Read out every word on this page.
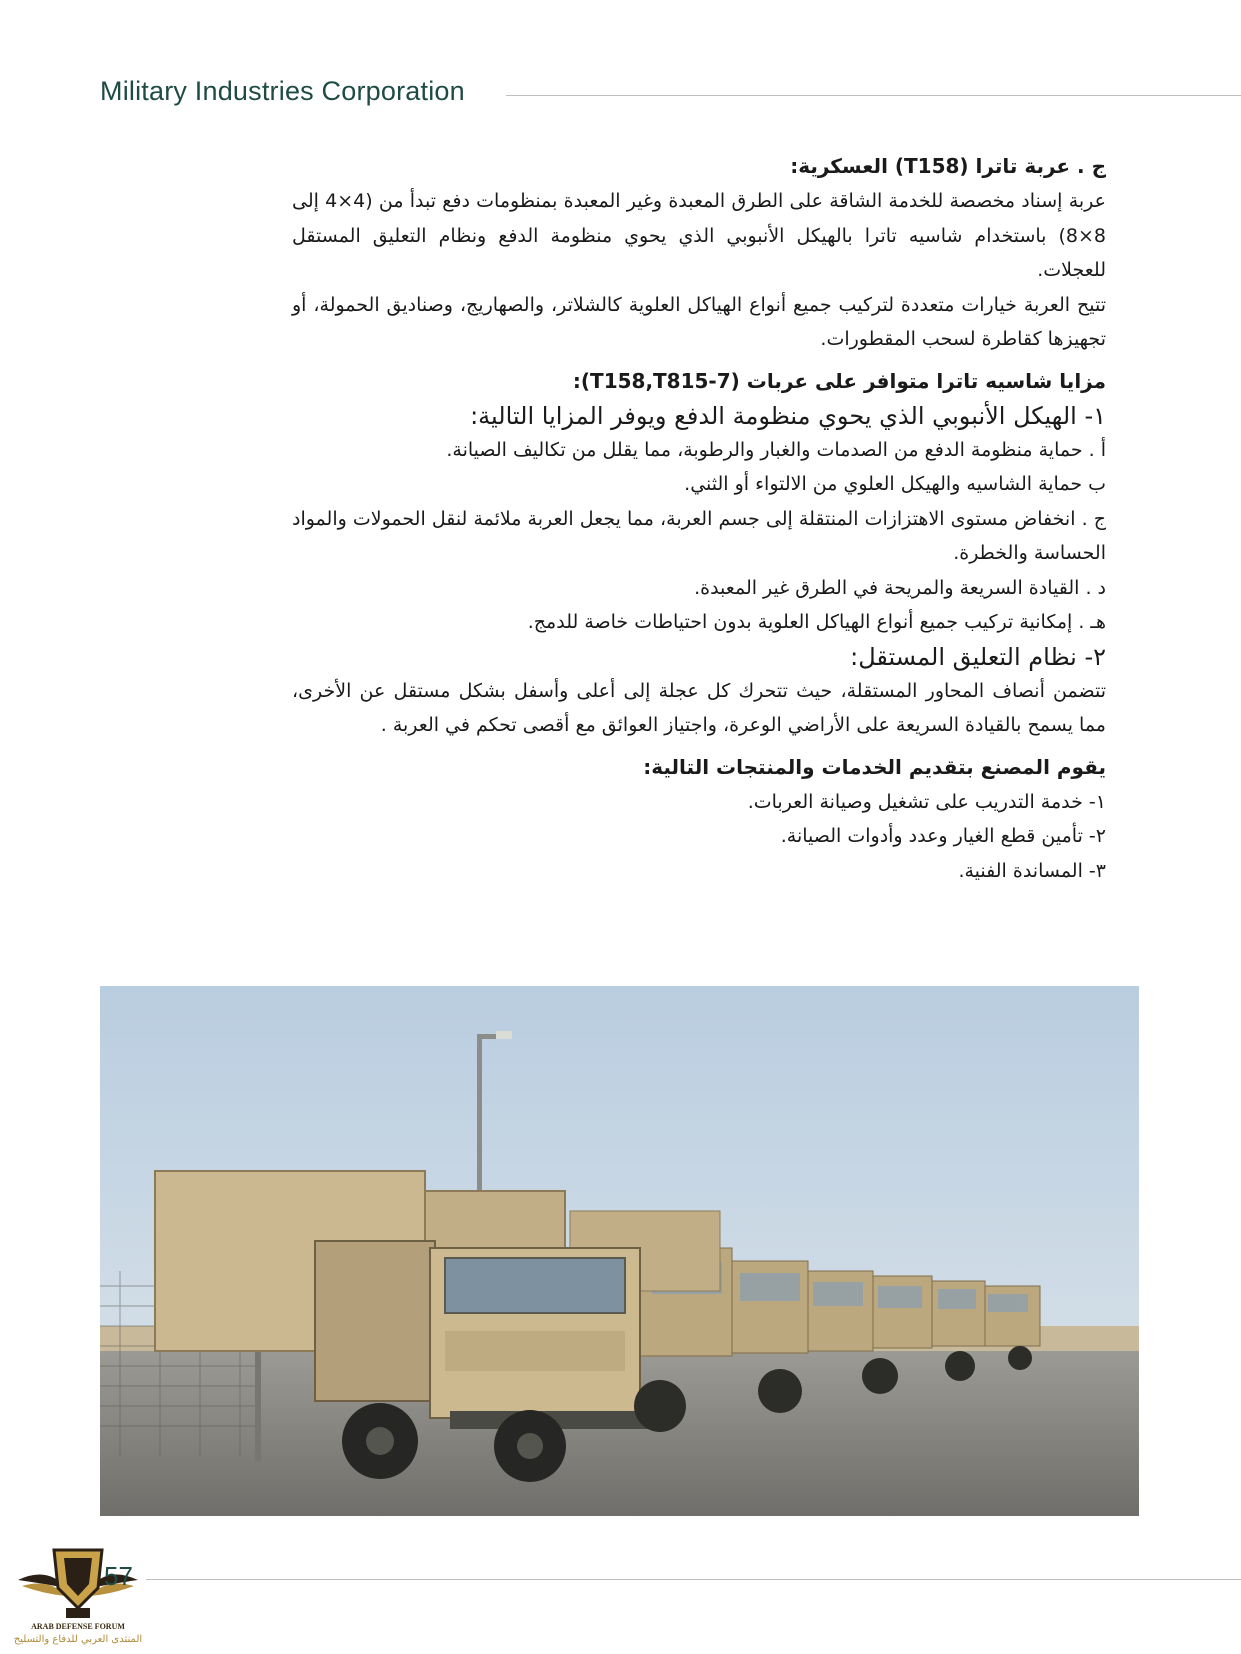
Military Industries Corporation

ج . عربة تاترا (T158) العسكرية:

عربة إسناد مخصصة للخدمة الشاقة على الطرق المعبدة وغير المعبدة بمنظومات دفع تبدأ من (4×4 إلى 8×8) باستخدام شاسيه تاترا بالهيكل الأنبوبي الذي يحوي منظومة الدفع ونظام التعليق المستقل للعجلات.

تتيح العربة خيارات متعددة لتركيب جميع أنواع الهياكل العلوية كالشلاتر، والصهاريج، وصناديق الحمولة، أو تجهيزها كقاطرة لسحب المقطورات.

مزايا شاسيه تاترا متوافر على عربات (T158,T815-7):

١- الهيكل الأنبوبي الذي يحوي منظومة الدفع ويوفر المزايا التالية:

أ . حماية منظومة الدفع من الصدمات والغبار والرطوبة، مما يقلل من تكاليف الصيانة.

ب حماية الشاسيه والهيكل العلوي من الالتواء أو الثني.

ج . انخفاض مستوى الاهتزازات المنتقلة إلى جسم العربة، مما يجعل العربة ملائمة لنقل الحمولات والمواد الحساسة والخطرة.

د . القيادة السريعة والمريحة في الطرق غير المعبدة.

هـ . إمكانية تركيب جميع أنواع الهياكل العلوية بدون احتياطات خاصة للدمج.

٢- نظام التعليق المستقل:

تتضمن أنصاف المحاور المستقلة، حيث تتحرك كل عجلة إلى أعلى وأسفل بشكل مستقل عن الأخرى، مما يسمح بالقيادة السريعة على الأراضي الوعرة، واجتياز العوائق مع أقصى تحكم في العربة .

يقوم المصنع بتقديم الخدمات والمنتجات التالية:

١- خدمة التدريب على تشغيل وصيانة العربات.

٢- تأمين قطع الغيار وعدد وأدوات الصيانة.

٣- المساندة الفنية.

ARAB DEFENSE FORUM
المنتدى العربي للدفاع والتسليح
57
